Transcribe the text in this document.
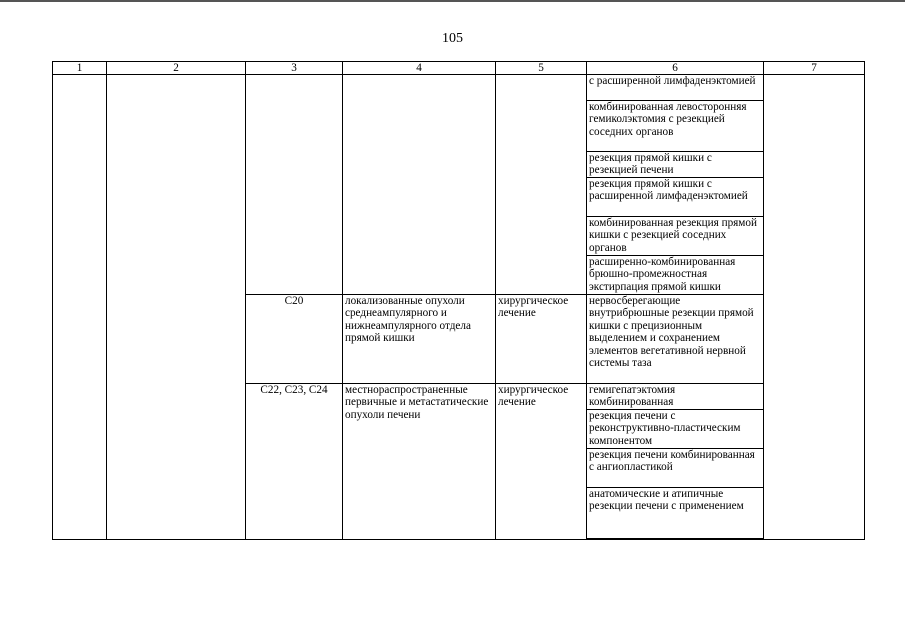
105
1	2	3	4	5	6	7
					с расширенной лимфаденэктомией	
					комбинированная левосторонняя гемиколэктомия с резекцией соседних органов	
					резекция прямой кишки с резекцией печени	
					резекция прямой кишки с расширенной лимфаденэктомией	
					комбинированная резекция прямой кишки с резекцией соседних органов	
					расширенно-комбинированная брюшно-промежностная экстирпация прямой кишки	
		С20	локализованные опухоли среднеампулярного и нижнеампулярного отдела прямой кишки	хирургическое лечение	нервосберегающие внутрибрюшные резекции прямой кишки с прецизионным выделением и сохранением элементов вегетативной нервной системы таза	
		С22, С23, С24	местнораспространенные первичные и метастатические опухоли печени	хирургическое лечение	гемигепатэктомия комбинированная	
					резекция печени с реконструктивно-пластическим компонентом	
					резекция печени комбинированная с ангиопластикой	
					анатомические и атипичные резекции печени с применением	
